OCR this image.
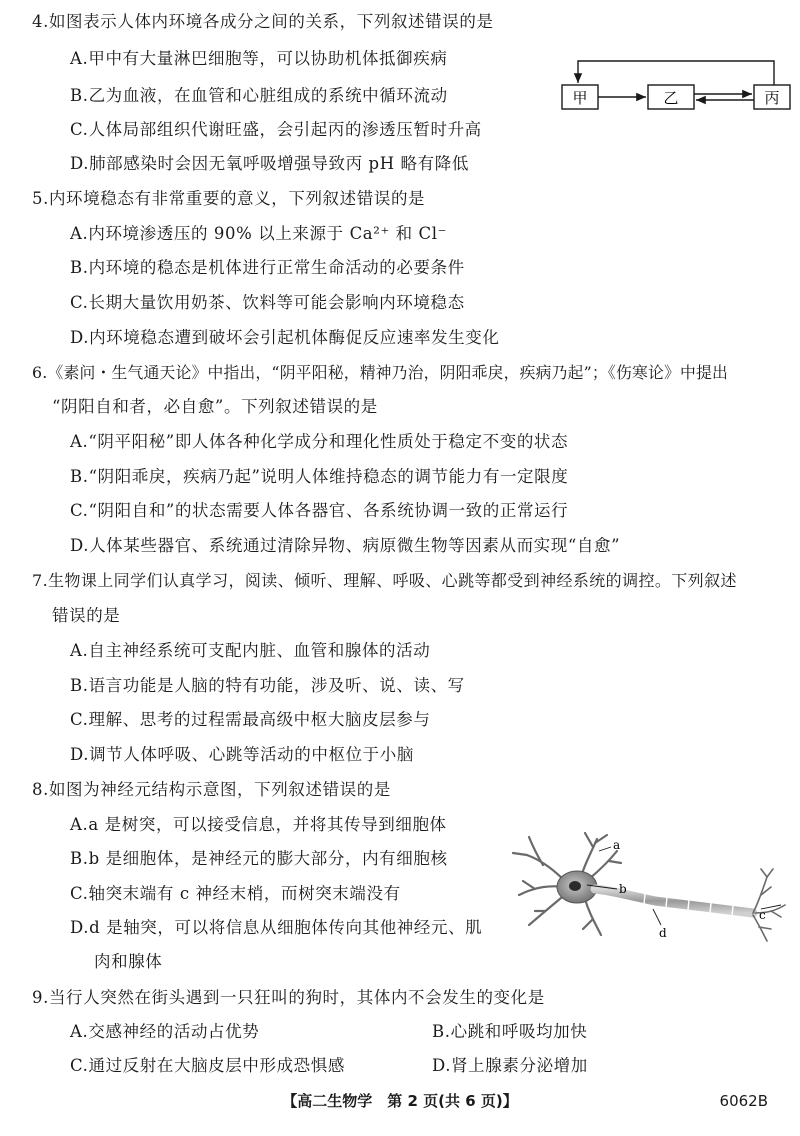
4.如图表示人体内环境各成分之间的关系，下列叙述错误的是
A.甲中有大量淋巴细胞等，可以协助机体抵御疾病
B.乙为血液，在血管和心脏组成的系统中循环流动
C.人体局部组织代谢旺盛，会引起丙的渗透压暂时升高
D.肺部感染时会因无氧呼吸增强导致丙 pH 略有降低
甲	乙	丙
5.内环境稳态有非常重要的意义，下列叙述错误的是
A.内环境渗透压的 90% 以上来源于 Ca²⁺ 和 Cl⁻
B.内环境的稳态是机体进行正常生命活动的必要条件
C.长期大量饮用奶茶、饮料等可能会影响内环境稳态
D.内环境稳态遭到破坏会引起机体酶促反应速率发生变化
6.《素问・生气通天论》中指出，“阴平阳秘，精神乃治，阴阳乖戾，疾病乃起”；《伤寒论》中提出
“阴阳自和者，必自愈”。下列叙述错误的是
A.“阴平阳秘”即人体各种化学成分和理化性质处于稳定不变的状态
B.“阴阳乖戾，疾病乃起”说明人体维持稳态的调节能力有一定限度
C.“阴阳自和”的状态需要人体各器官、各系统协调一致的正常运行
D.人体某些器官、系统通过清除异物、病原微生物等因素从而实现“自愈”
7.生物课上同学们认真学习，阅读、倾听、理解、呼吸、心跳等都受到神经系统的调控。下列叙述
错误的是
A.自主神经系统可支配内脏、血管和腺体的活动
B.语言功能是人脑的特有功能，涉及听、说、读、写
C.理解、思考的过程需最高级中枢大脑皮层参与
D.调节人体呼吸、心跳等活动的中枢位于小脑
8.如图为神经元结构示意图，下列叙述错误的是
A.a 是树突，可以接受信息，并将其传导到细胞体
B.b 是细胞体，是神经元的膨大部分，内有细胞核
C.轴突末端有 c 神经末梢，而树突末端没有
D.d 是轴突，可以将信息从细胞体传向其他神经元、肌
肉和腺体
a
b
c
d
9.当行人突然在街头遇到一只狂叫的狗时，其体内不会发生的变化是
A.交感神经的活动占优势	B.心跳和呼吸均加快
C.通过反射在大脑皮层中形成恐惧感	D.肾上腺素分泌增加
【高二生物学　第 2 页(共 6 页)】	6062B
